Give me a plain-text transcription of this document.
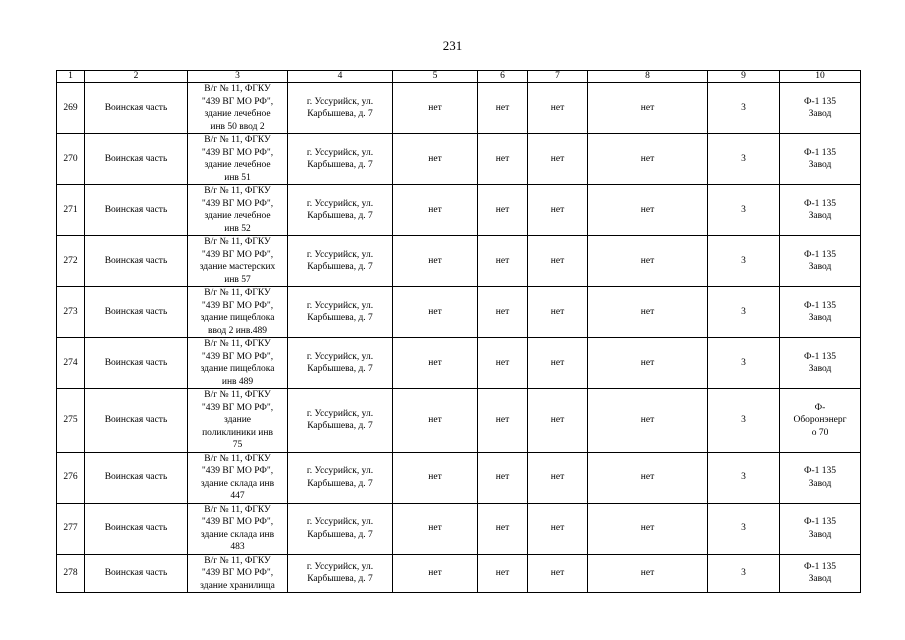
231
1	2	3	4	5	6	7	8	9	10
269	Воинская часть	В/г № 11, ФГКУ
"439 ВГ МО РФ",
здание лечебное
инв 50 ввод 2	г. Уссурийск, ул.
Карбышева, д. 7	нет	нет	нет	нет	3	Ф-1 135
Завод
270	Воинская часть	В/г № 11, ФГКУ
"439 ВГ МО РФ",
здание лечебное
инв 51	г. Уссурийск, ул.
Карбышева, д. 7	нет	нет	нет	нет	3	Ф-1 135
Завод
271	Воинская часть	В/г № 11, ФГКУ
"439 ВГ МО РФ",
здание лечебное
инв 52	г. Уссурийск, ул.
Карбышева, д. 7	нет	нет	нет	нет	3	Ф-1 135
Завод
272	Воинская часть	В/г № 11, ФГКУ
"439 ВГ МО РФ",
здание мастерских
инв 57	г. Уссурийск, ул.
Карбышева, д. 7	нет	нет	нет	нет	3	Ф-1 135
Завод
273	Воинская часть	В/г № 11, ФГКУ
"439 ВГ МО РФ",
здание пищеблока
ввод 2 инв.489	г. Уссурийск, ул.
Карбышева, д. 7	нет	нет	нет	нет	3	Ф-1 135
Завод
274	Воинская часть	В/г № 11, ФГКУ
"439 ВГ МО РФ",
здание пищеблока
инв 489	г. Уссурийск, ул.
Карбышева, д. 7	нет	нет	нет	нет	3	Ф-1 135
Завод
275	Воинская часть	В/г № 11, ФГКУ
"439 ВГ МО РФ",
здание
поликлиники инв
75	г. Уссурийск, ул.
Карбышева, д. 7	нет	нет	нет	нет	3	Ф-
Оборонэнерг
о 70
276	Воинская часть	В/г № 11, ФГКУ
"439 ВГ МО РФ",
здание склада инв
447	г. Уссурийск, ул.
Карбышева, д. 7	нет	нет	нет	нет	3	Ф-1 135
Завод
277	Воинская часть	В/г № 11, ФГКУ
"439 ВГ МО РФ",
здание склада инв
483	г. Уссурийск, ул.
Карбышева, д. 7	нет	нет	нет	нет	3	Ф-1 135
Завод
278	Воинская часть	В/г № 11, ФГКУ
"439 ВГ МО РФ",
здание хранилища	г. Уссурийск, ул.
Карбышева, д. 7	нет	нет	нет	нет	3	Ф-1 135
Завод
